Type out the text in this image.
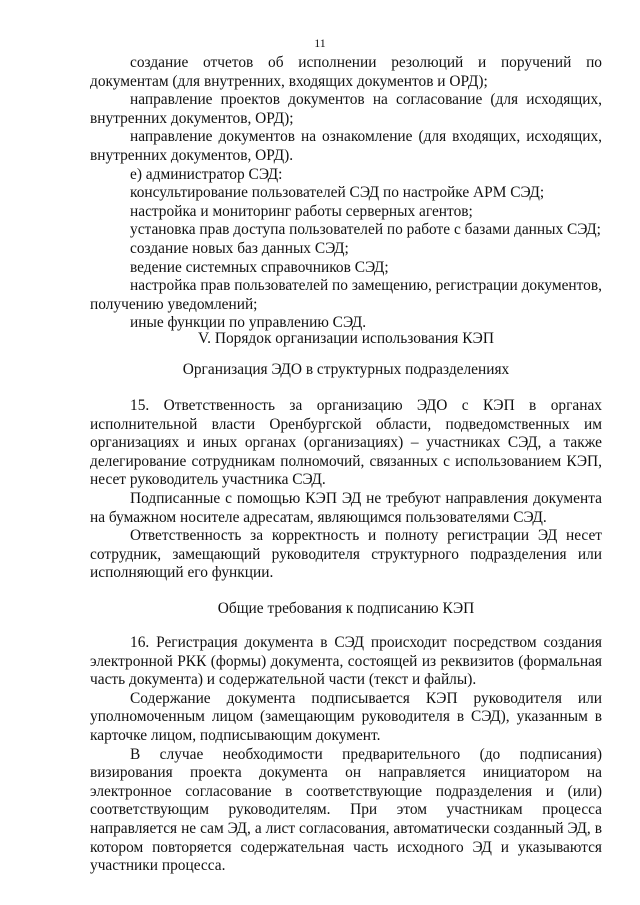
11

создание отчетов об исполнении резолюций и поручений по документам (для внутренних, входящих документов и ОРД);

направление проектов документов на согласование (для исходящих, внутренних документов, ОРД);

направление документов на ознакомление (для входящих, исходящих, внутренних документов, ОРД).

е) администратор СЭД:

консультирование пользователей СЭД по настройке АРМ СЭД;

настройка и мониторинг работы серверных агентов;

установка прав доступа пользователей по работе с базами данных СЭД;

создание новых баз данных СЭД;

ведение системных справочников СЭД;

настройка прав пользователей по замещению, регистрации документов, получению уведомлений;

иные функции по управлению СЭД.

V. Порядок организации использования КЭП

Организация ЭДО в структурных подразделениях

15. Ответственность за организацию ЭДО с КЭП в органах исполнительной власти Оренбургской области, подведомственных им организациях и иных органах (организациях) – участниках СЭД, а также делегирование сотрудникам полномочий, связанных с использованием КЭП, несет руководитель участника СЭД.

Подписанные с помощью КЭП ЭД не требуют направления документа на бумажном носителе адресатам, являющимся пользователями СЭД.

Ответственность за корректность и полноту регистрации ЭД несет сотрудник, замещающий руководителя структурного подразделения или исполняющий его функции.

Общие требования к подписанию КЭП

16. Регистрация документа в СЭД происходит посредством создания электронной РКК (формы) документа, состоящей из реквизитов (формальная часть документа) и содержательной части (текст и файлы).

Содержание документа подписывается КЭП руководителя или уполномоченным лицом (замещающим руководителя в СЭД), указанным в карточке лицом, подписывающим документ.

В случае необходимости предварительного (до подписания) визирования проекта документа он направляется инициатором на электронное согласование в соответствующие подразделения и (или) соответствующим руководителям. При этом участникам процесса направляется не сам ЭД, а лист согласования, автоматически созданный ЭД, в котором повторяется содержательная часть исходного ЭД и указываются участники процесса.
